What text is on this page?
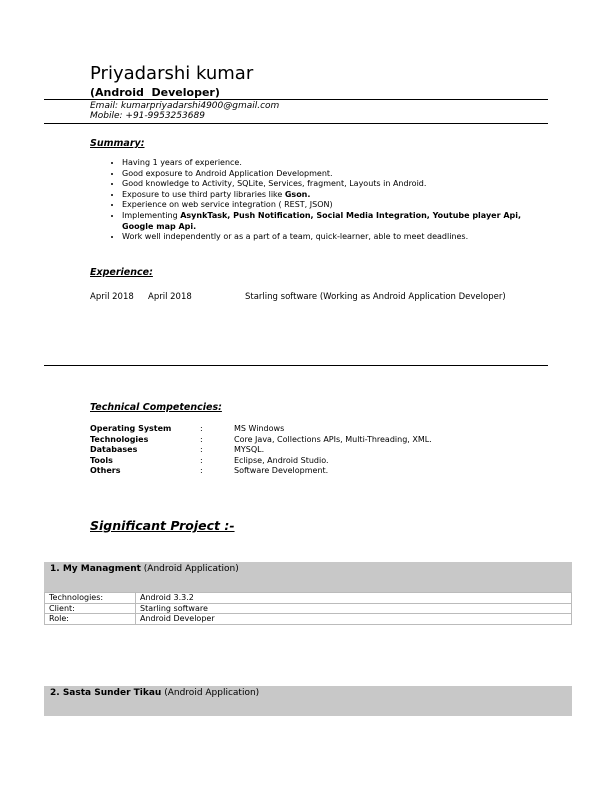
Priyadarshi kumar
(Android  Developer)
Email: kumarpriyadarshi4900@gmail.com
Mobile: +91-9953253689
Summary:
• Having 1 years of experience.
• Good exposure to Android Application Development.
• Good knowledge to Activity, SQLite, Services, fragment, Layouts in Android.
• Exposure to use third party libraries like Gson.
• Experience on web service integration ( REST, JSON)
• Implementing AsynkTask, Push Notification, Social Media Integration, Youtube player Api, Google map Api.
• Work well independently or as a part of a team, quick-learner, able to meet deadlines.
Experience:
April 2018 April 2018	Starling software (Working as Android Application Developer)
Technical Competencies:
Operating System	:	MS Windows
Technologies	:	Core Java, Collections APIs, Multi-Threading, XML.
Databases	:	MYSQL.
Tools	:	Eclipse, Android Studio.
Others	:	Software Development.
Significant Project :-
1. My Managment (Android Application)
Technologies:	Android 3.3.2
Client:	Starling software
Role:	Android Developer
2. Sasta Sunder Tikau (Android Application)
